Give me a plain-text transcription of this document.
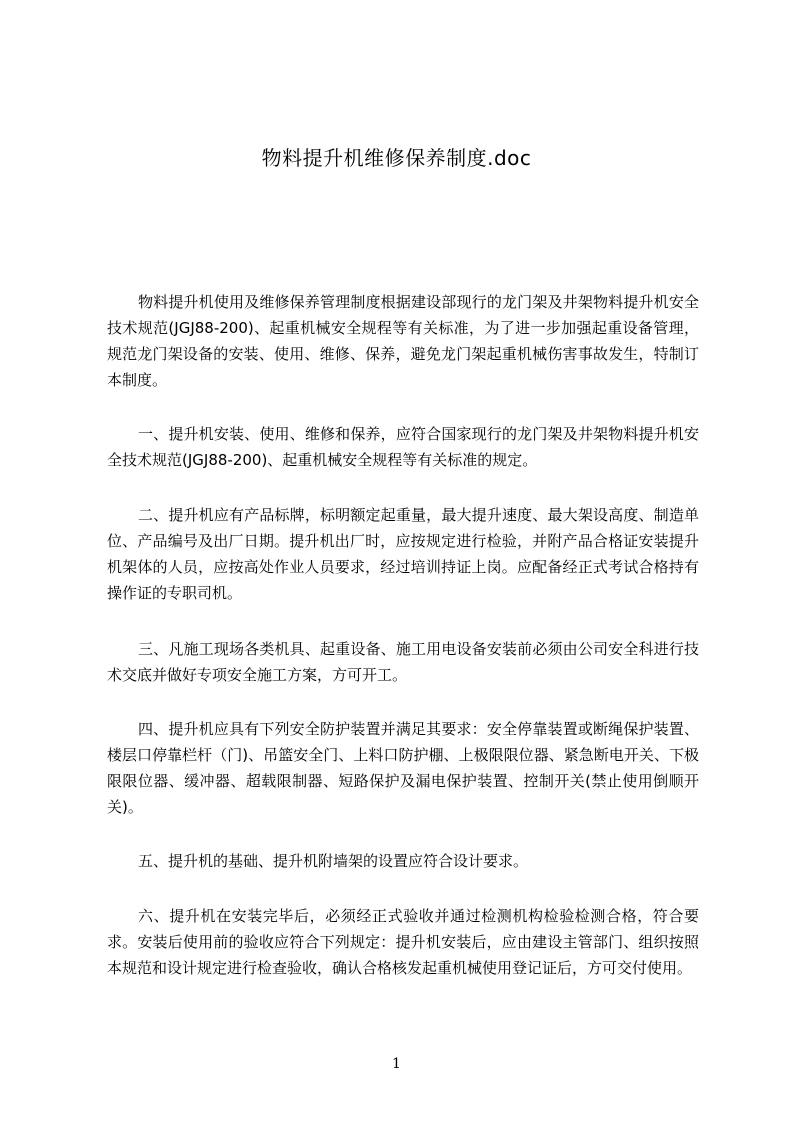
物料提升机维修保养制度.doc
物料提升机使用及维修保养管理制度根据建设部现行的龙门架及井架物料提升机安全技术规范(JGJ88-200)、起重机械安全规程等有关标准，为了进一步加强起重设备管理，规范龙门架设备的安装、使用、维修、保养，避免龙门架起重机械伤害事故发生，特制订本制度。
一、提升机安装、使用、维修和保养，应符合国家现行的龙门架及井架物料提升机安全技术规范(JGJ88-200)、起重机械安全规程等有关标准的规定。
二、提升机应有产品标牌，标明额定起重量，最大提升速度、最大架设高度、制造单位、产品编号及出厂日期。提升机出厂时，应按规定进行检验，并附产品合格证安装提升机架体的人员，应按高处作业人员要求，经过培训持证上岗。应配备经正式考试合格持有操作证的专职司机。
三、凡施工现场各类机具、起重设备、施工用电设备安装前必须由公司安全科进行技术交底并做好专项安全施工方案，方可开工。
四、提升机应具有下列安全防护装置并满足其要求：安全停靠装置或断绳保护装置、楼层口停靠栏杆（门)、吊篮安全门、上料口防护棚、上极限限位器、紧急断电开关、下极限限位器、缓冲器、超载限制器、短路保护及漏电保护装置、控制开关(禁止使用倒顺开关)。
五、提升机的基础、提升机附墙架的设置应符合设计要求。
六、提升机在安装完毕后，必须经正式验收并通过检测机构检验检测合格，符合要求。安装后使用前的验收应符合下列规定：提升机安装后，应由建设主管部门、组织按照本规范和设计规定进行检查验收，确认合格核发起重机械使用登记证后，方可交付使用。
1
